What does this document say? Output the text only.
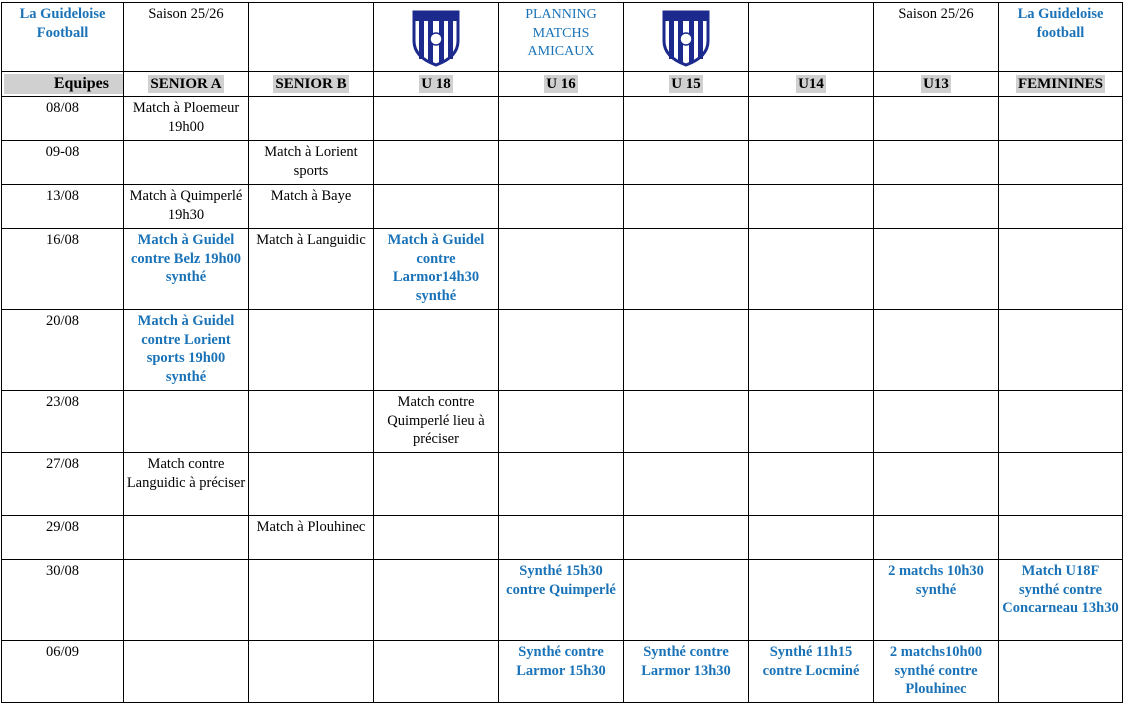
La Guideloise Football	Saison 25/26			PLANNING MATCHS AMICAUX			Saison 25/26	La Guideloise football

Equipes	SENIOR A	SENIOR B	U 18	U 16	U 15	U14	U13	FEMININES
08/08	Match à Ploemeur 19h00							
09-08		Match à Lorient sports						
13/08	Match à Quimperlé 19h30	Match à Baye						
16/08	Match à Guidel contre Belz 19h00 synthé	Match à Languidic	Match à Guidel contre Larmor14h30 synthé					
20/08	Match à Guidel contre Lorient sports 19h00 synthé							
23/08			Match contre Quimperlé lieu à préciser					
27/08	Match contre Languidic à préciser							
29/08		Match à Plouhinec						
30/08				Synthé 15h30 contre Quimperlé			2 matchs 10h30 synthé	Match U18F synthé contre Concarneau 13h30
06/09				Synthé contre Larmor 15h30	Synthé contre Larmor 13h30	Synthé 11h15 contre Locminé	2 matchs10h00 synthé contre Plouhinec	
